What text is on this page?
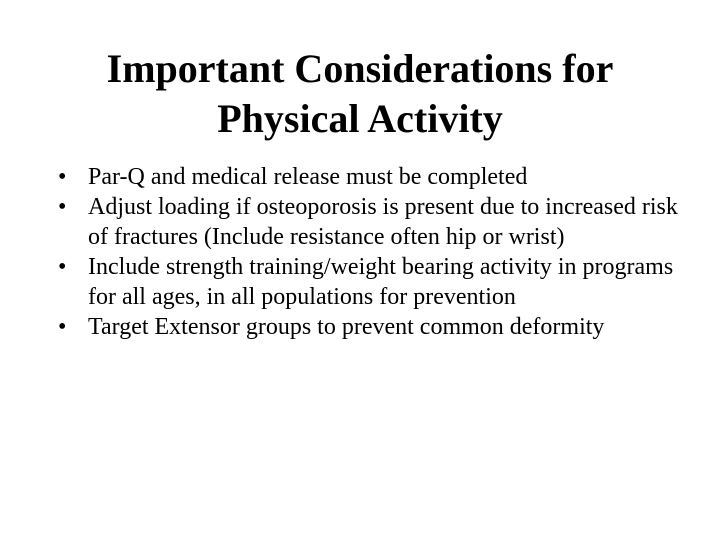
Important Considerations for
Physical Activity
• Par-Q and medical release must be completed
• Adjust loading if osteoporosis is present due to increased risk of fractures (Include resistance often hip or wrist)
• Include strength training/weight bearing activity in programs for all ages, in all populations for prevention
• Target Extensor groups to prevent common deformity
